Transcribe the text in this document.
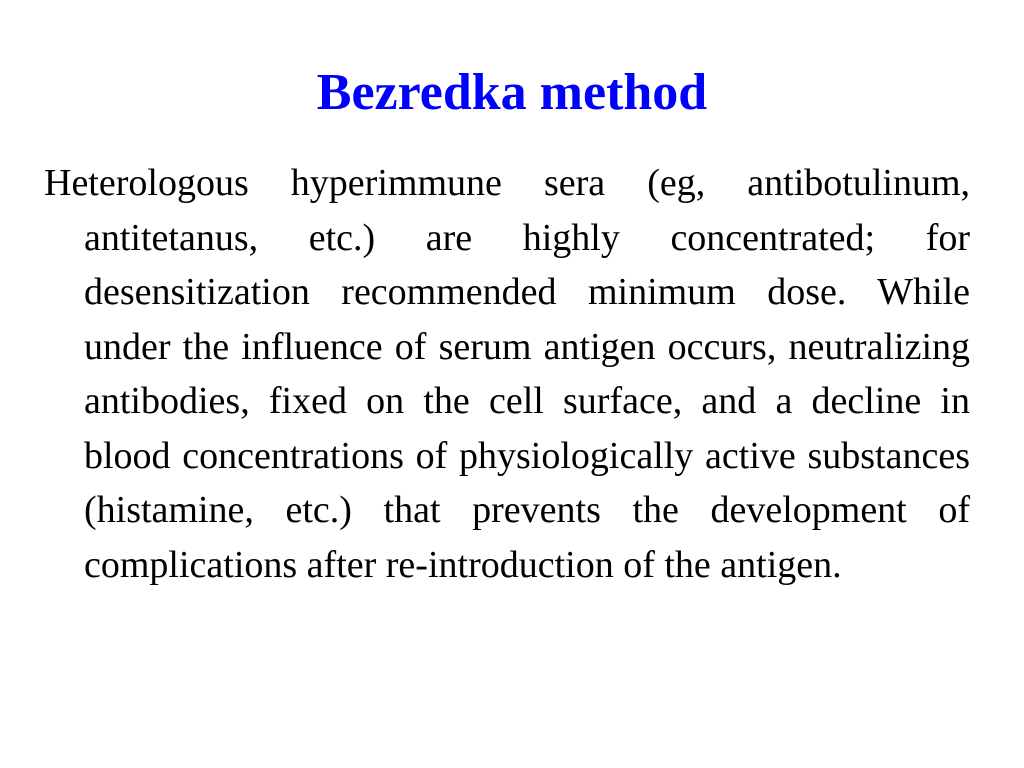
Bezredka method

Heterologous hyperimmune sera (eg, antibotulinum, antitetanus, etc.) are highly concentrated; for desensitization recommended minimum dose. While under the influence of serum antigen occurs, neutralizing antibodies, fixed on the cell surface, and a decline in blood concentrations of physiologically active substances (histamine, etc.) that prevents the development of complications after re-introduction of the antigen.
